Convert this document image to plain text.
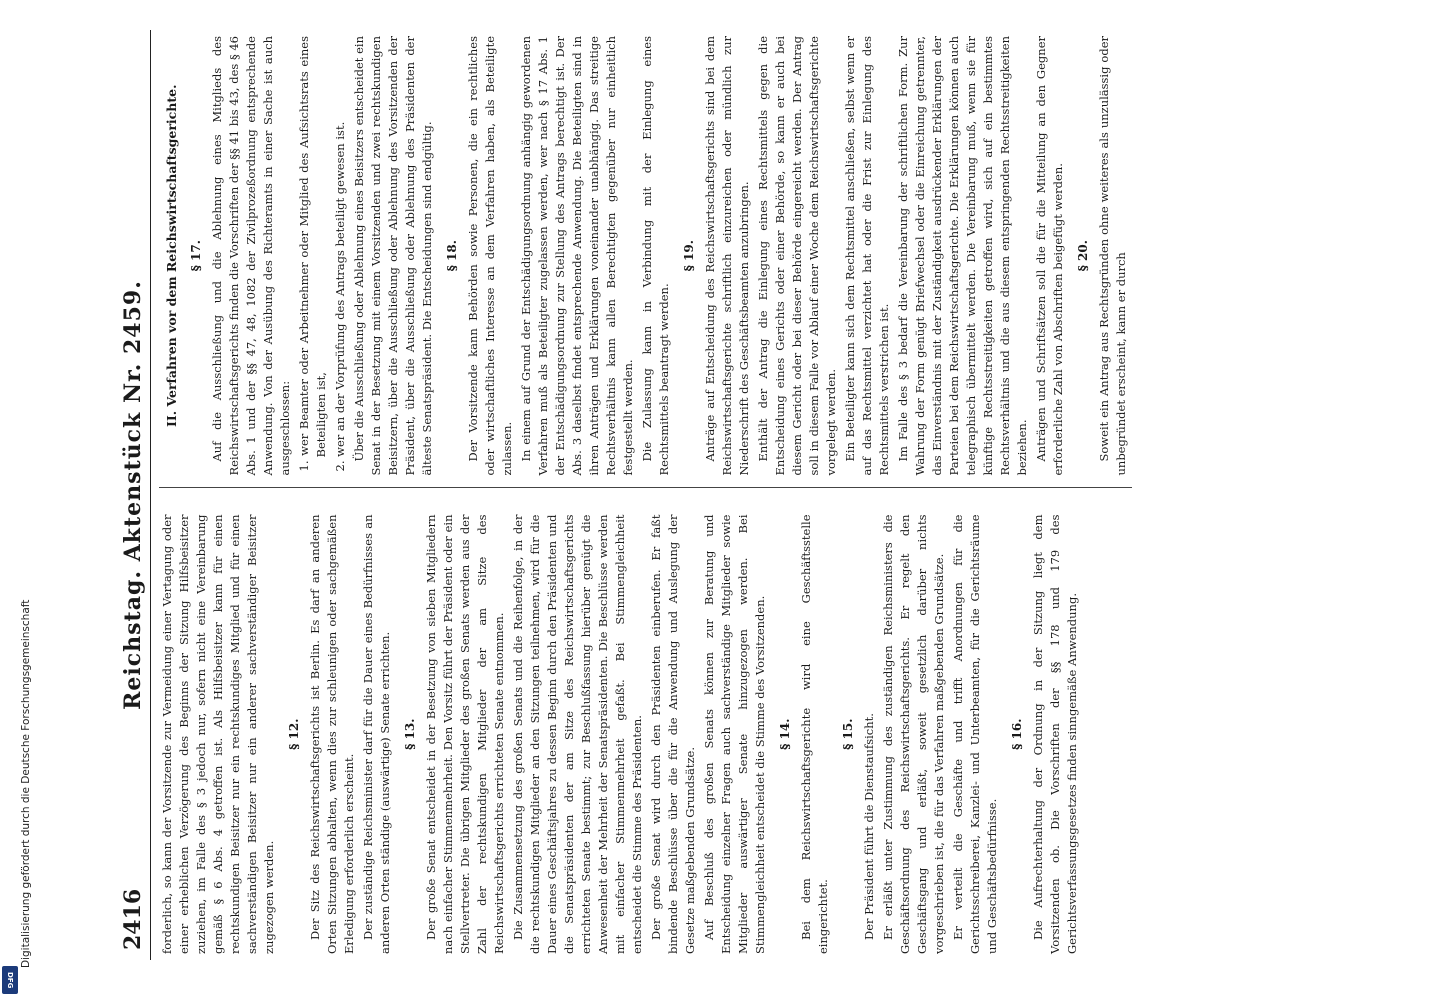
2416
Reichstag. Aktenstück Nr. 2459.

forderlich, so kann der Vorsitzende zur Vermeidung einer Vertagung oder einer erheblichen Verzögerung des Beginns der Sitzung Hilfsbeisitzer zuziehen, im Falle des § 3 jedoch nur, sofern nicht eine Vereinbarung gemäß § 6 Abs. 4 getroffen ist. Als Hilfsbeisitzer kann für einen rechtskundigen Beisitzer nur ein rechtskundiges Mitglied und für einen sachverständigen Beisitzer nur ein anderer sachverständiger Beisitzer zugezogen werden.

§ 12. Der Sitz des Reichswirtschaftsgerichts ist Berlin. Es darf an anderen Orten Sitzungen abhalten, wenn dies zur schleunigen oder sachgemäßen Erledigung erforderlich erscheint. Der zuständige Reichsminister darf für die Dauer eines Bedürfnisses an anderen Orten ständige (auswärtige) Senate errichten. § 13. Der große Senat entscheidet in der Besetzung von sieben Mitgliedern nach einfacher Stimmenmehrheit. Den Vorsitz führt der Präsident oder ein Stellvertreter. Die übrigen Mitglieder des großen Senats werden aus der Zahl der rechtskundigen Mitglieder der am Sitze des Reichswirtschaftsgerichts errichteten Senate entnommen. Die Zusammensetzung des großen Senats und die Reihenfolge, in der die rechtskundigen Mitglieder an den Sitzungen teilnehmen, wird für die Dauer eines Geschäftsjahres zu dessen Beginn durch den Präsidenten und die Senatspräsidenten der am Sitze des Reichswirtschaftsgerichts errichteten Senate bestimmt; zur Beschlußfassung hierüber genügt die Anwesenheit der Mehrheit der Senatspräsidenten. Die Beschlüsse werden mit einfacher Stimmenmehrheit gefaßt. Bei Stimmengleichheit entscheidet die Stimme des Präsidenten. Der große Senat wird durch den Präsidenten einberufen. Er faßt bindende Beschlüsse über die für die Anwendung und Auslegung der Gesetze maßgebenden Grundsätze. Auf Beschluß des großen Senats können zur Beratung und Entscheidung einzelner Fragen auch sachverständige Mitglieder sowie Mitglieder auswärtiger Senate hinzugezogen werden. Bei Stimmengleichheit entscheidet die Stimme des Vorsitzenden. § 14. Bei dem Reichswirtschaftsgerichte wird eine Geschäftsstelle eingerichtet.

§ 15. Der Präsident führt die Dienstaufsicht. Er erläßt unter Zustimmung des zuständigen Reichsministers die Geschäftsordnung des Reichswirtschaftsgerichts. Er regelt den Geschäftsgang und erläßt, soweit gesetzlich darüber nichts vorgeschrieben ist, die für das Verfahren maßgebenden Grundsätze. Er verteilt die Geschäfte und trifft Anordnungen für die Gerichtsschreiberei, Kanzlei- und Unterbeamten, für die Gerichtsräume und Geschäftsbedürfnisse.

§ 16. Die Aufrechterhaltung der Ordnung in der Sitzung liegt dem Vorsitzenden ob. Die Vorschriften der §§ 178 und 179 des Gerichtsverfassungsgesetzes finden sinngemäße Anwendung.

II. Verfahren vor dem Reichswirtschaftsgerichte. § 17. Auf die Ausschließung und die Ablehnung eines Mitglieds des Reichswirtschaftsgerichts finden die Vorschriften der §§ 41 bis 43, des § 46 Abs. 1 und der §§ 47, 48, 1082 der Zivilprozeßordnung entsprechende Anwendung. Von der Ausübung des Richteramts in einer Sache ist auch ausgeschlossen: 1. wer Beamter oder Arbeitnehmer oder Mitglied des Aufsichtsrats eines Beteiligten ist, 2. wer an der Vorprüfung des Antrags beteiligt gewesen ist. Über die Ausschließung oder Ablehnung eines Beisitzers entscheidet ein Senat in der Besetzung mit einem Vorsitzenden und zwei rechtskundigen Beisitzern, über die Ausschließung oder Ablehnung des Vorsitzenden der Präsident, über die Ausschließung oder Ablehnung des Präsidenten der älteste Senatspräsident. Die Entscheidungen sind endgültig. § 18. Der Vorsitzende kann Behörden sowie Personen, die ein rechtliches oder wirtschaftliches Interesse an dem Verfahren haben, als Beteiligte zulassen. In einem auf Grund der Entschädigungsordnung anhängig gewordenen Verfahren muß als Beteiligter zugelassen werden, wer nach § 17 Abs. 1 der Entschädigungsordnung zur Stellung des Antrags berechtigt ist. Der Abs. 3 daselbst findet entsprechende Anwendung. Die Beteiligten sind in ihren Anträgen und Erklärungen voneinander unabhängig. Das streitige Rechtsverhältnis kann allen Berechtigten gegenüber nur einheitlich festgestellt werden. Die Zulassung kann in Verbindung mit der Einlegung eines Rechtsmittels beantragt werden.

§ 19. Anträge auf Entscheidung des Reichswirtschaftsgerichts sind bei dem Reichswirtschaftsgerichte schriftlich einzureichen oder mündlich zur Niederschrift des Geschäftsbeamten anzubringen. Enthält der Antrag die Einlegung eines Rechtsmittels gegen die Entscheidung eines Gerichts oder einer Behörde, so kann er auch bei diesem Gericht oder bei dieser Behörde eingereicht werden. Der Antrag soll in diesem Falle vor Ablauf einer Woche dem Reichswirtschaftsgerichte vorgelegt werden. Ein Beteiligter kann sich dem Rechtsmittel anschließen, selbst wenn er auf das Rechtsmittel verzichtet hat oder die Frist zur Einlegung des Rechtsmittels verstrichen ist. Im Falle des § 3 bedarf die Vereinbarung der schriftlichen Form. Zur Wahrung der Form genügt Briefwechsel oder die Einreichung getrennter, das Einverständnis mit der Zuständigkeit ausdrückender Erklärungen der Parteien bei dem Reichswirtschaftsgerichte. Die Erklärungen können auch telegraphisch übermittelt werden. Die Vereinbarung muß, wenn sie für künftige Rechtsstreitigkeiten getroffen wird, sich auf ein bestimmtes Rechtsverhältnis und die aus diesem entspringenden Rechtsstreitigkeiten beziehen. Anträgen und Schriftsätzen soll die für die Mitteilung an den Gegner erforderliche Zahl von Abschriften beigefügt werden. § 20. Soweit ein Antrag aus Rechtsgründen ohne weiteres als unzulässig oder unbegründet erscheint, kann er durch

Digitalisierung gefördert durch die Deutsche Forschungsgemeinschaft
DFG
